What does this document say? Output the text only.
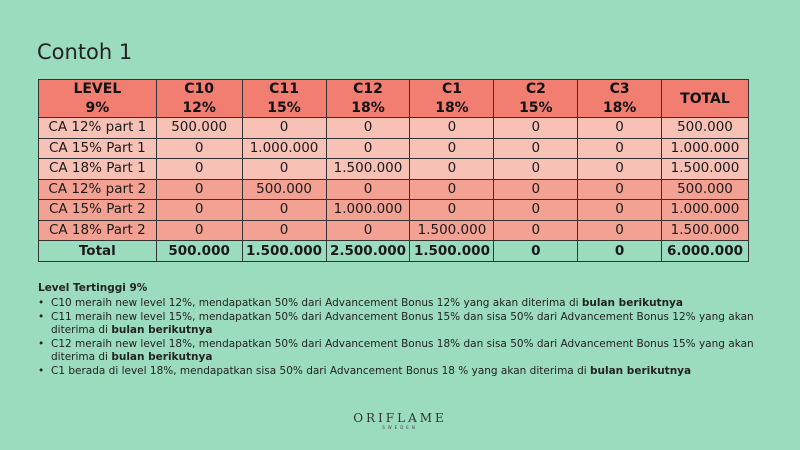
Contoh 1
LEVEL	C10	C11	C12	C1	C2	C3	TOTAL
9%	12%	15%	18%	18%	15%	18%	
CA 12% part 1	500.000	0	0	0	0	0	500.000
CA 15% Part 1	0	1.000.000	0	0	0	0	1.000.000
CA 18% Part 1	0	0	1.500.000	0	0	0	1.500.000
CA 12% part 2	0	500.000	0	0	0	0	500.000
CA 15% Part 2	0	0	1.000.000	0	0	0	1.000.000
CA 18% Part 2	0	0	0	1.500.000	0	0	1.500.000
Total	500.000	1.500.000	2.500.000	1.500.000	0	0	6.000.000
Level Tertinggi 9%
• C10 meraih new level 12%, mendapatkan 50% dari Advancement Bonus 12% yang akan diterima di bulan berikutnya
• C11 meraih new level 15%, mendapatkan 50% dari Advancement Bonus 15% dan sisa 50% dari Advancement Bonus 12% yang akan diterima di bulan berikutnya
• C12 meraih new level 18%, mendapatkan 50% dari Advancement Bonus 18% dan sisa 50% dari Advancement Bonus 15% yang akan diterima di bulan berikutnya
• C1 berada di level 18%, mendapatkan sisa 50% dari Advancement Bonus 18 % yang akan diterima di bulan berikutnya
ORIFLAME
SWEDEN
